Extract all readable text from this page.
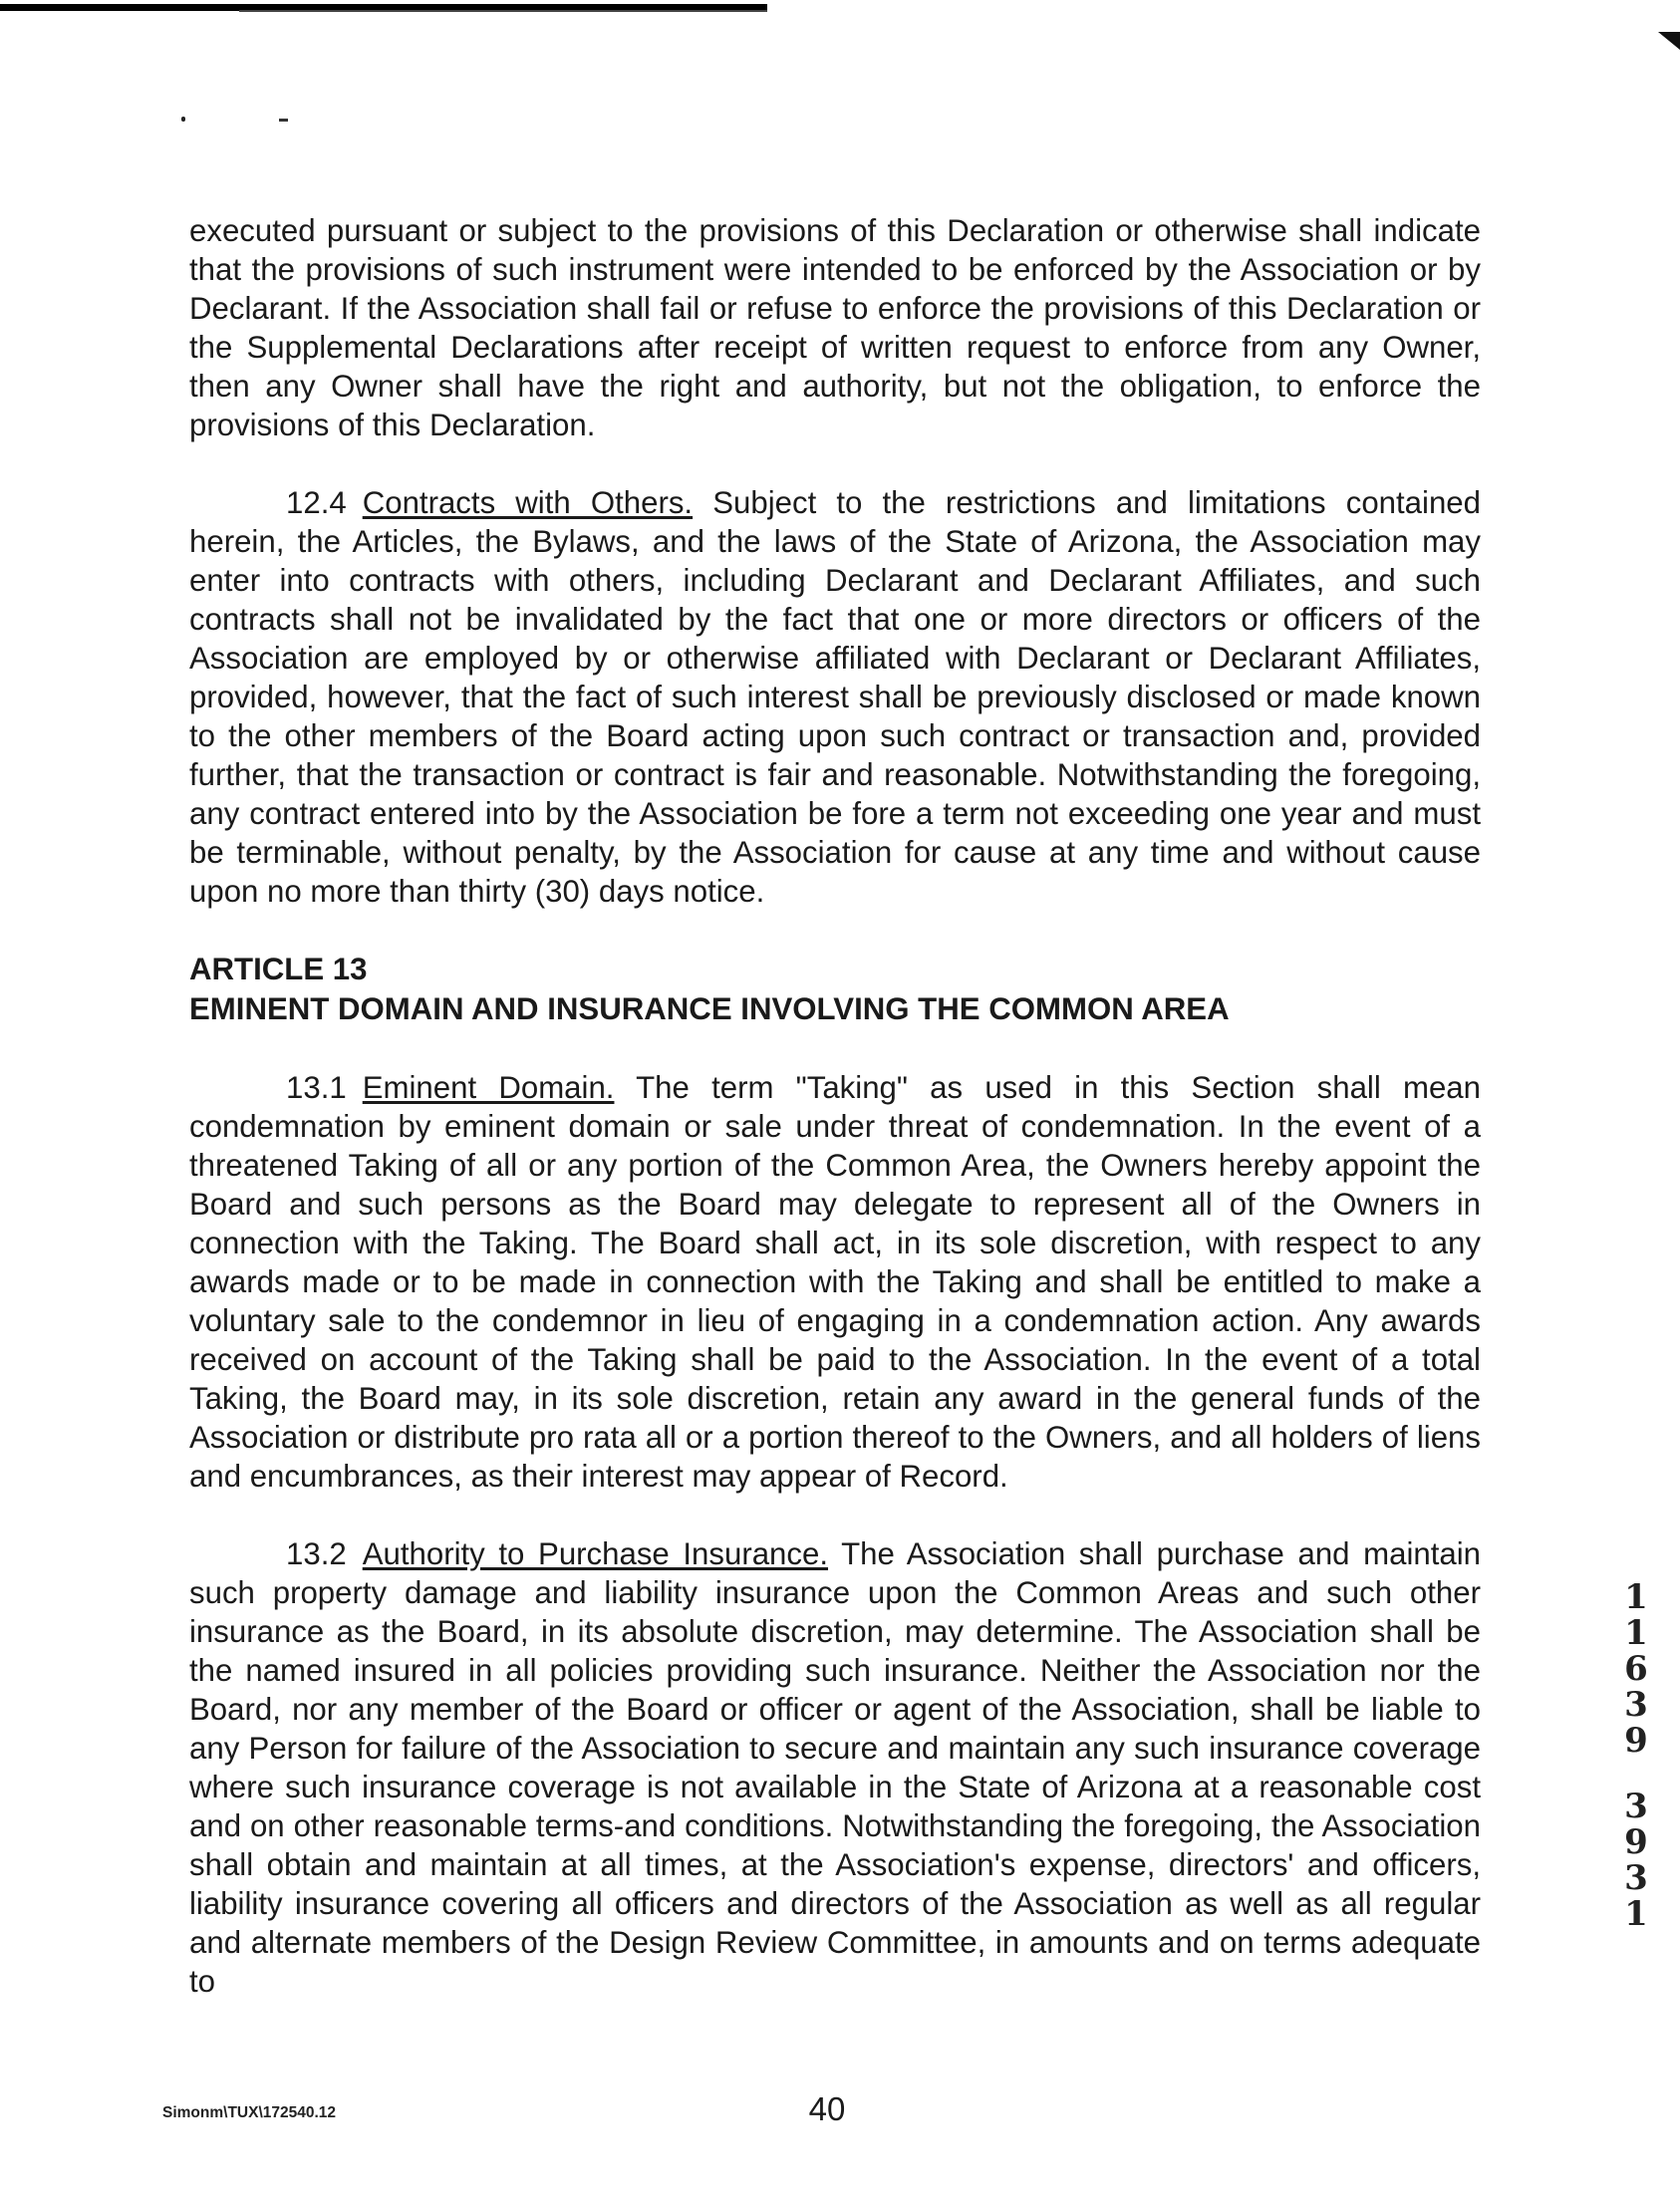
executed pursuant or subject to the provisions of this Declaration or otherwise shall indicate that the provisions of such instrument were intended to be enforced by the Association or by Declarant. If the Association shall fail or refuse to enforce the provisions of this Declaration or the Supplemental Declarations after receipt of written request to enforce from any Owner, then any Owner shall have the right and authority, but not the obligation, to enforce the provisions of this Declaration.

12.4 Contracts with Others. Subject to the restrictions and limitations contained herein, the Articles, the Bylaws, and the laws of the State of Arizona, the Association may enter into contracts with others, including Declarant and Declarant Affiliates, and such contracts shall not be invalidated by the fact that one or more directors or officers of the Association are employed by or otherwise affiliated with Declarant or Declarant Affiliates, provided, however, that the fact of such interest shall be previously disclosed or made known to the other members of the Board acting upon such contract or transaction and, provided further, that the transaction or contract is fair and reasonable. Notwithstanding the foregoing, any contract entered into by the Association be fore a term not exceeding one year and must be terminable, without penalty, by the Association for cause at any time and without cause upon no more than thirty (30) days notice.

ARTICLE 13

EMINENT DOMAIN AND INSURANCE INVOLVING THE COMMON AREA

13.1 Eminent Domain. The term "Taking" as used in this Section shall mean condemnation by eminent domain or sale under threat of condemnation. In the event of a threatened Taking of all or any portion of the Common Area, the Owners hereby appoint the Board and such persons as the Board may delegate to represent all of the Owners in connection with the Taking. The Board shall act, in its sole discretion, with respect to any awards made or to be made in connection with the Taking and shall be entitled to make a voluntary sale to the condemnor in lieu of engaging in a condemnation action. Any awards received on account of the Taking shall be paid to the Association. In the event of a total Taking, the Board may, in its sole discretion, retain any award in the general funds of the Association or distribute pro rata all or a portion thereof to the Owners, and all holders of liens and encumbrances, as their interest may appear of Record.

13.2 Authority to Purchase Insurance. The Association shall purchase and maintain such property damage and liability insurance upon the Common Areas and such other insurance as the Board, in its absolute discretion, may determine. The Association shall be the named insured in all policies providing such insurance. Neither the Association nor the Board, nor any member of the Board or officer or agent of the Association, shall be liable to any Person for failure of the Association to secure and maintain any such insurance coverage where such insurance coverage is not available in the State of Arizona at a reasonable cost and on other reasonable terms-and conditions. Notwithstanding the foregoing, the Association shall obtain and maintain at all times, at the Association's expense, directors' and officers, liability insurance covering all officers and directors of the Association as well as all regular and alternate members of the Design Review Committee, in amounts and on terms adequate to

1
1
6
3
9
3
9
3
1
Simonm\TUX\172540.12	40
